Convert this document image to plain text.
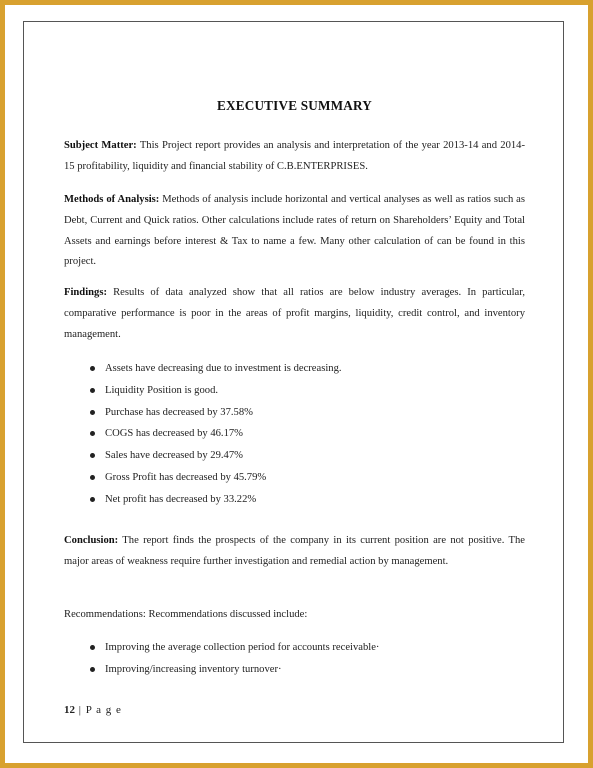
EXECUTIVE SUMMARY

Subject Matter: This Project report provides an analysis and interpretation of the year 2013-14 and 2014-15 profitability, liquidity and financial stability of C.B.ENTERPRISES.

Methods of Analysis: Methods of analysis include horizontal and vertical analyses as well as ratios such as Debt, Current and Quick ratios. Other calculations include rates of return on Shareholders’ Equity and Total Assets and earnings before interest & Tax to name a few. Many other calculation of can be found in this project.

Findings: Results of data analyzed show that all ratios are below industry averages. In particular, comparative performance is poor in the areas of profit margins, liquidity, credit control, and inventory management.

Assets have decreasing due to investment is decreasing.
Liquidity Position is good.
Purchase has decreased by 37.58%
COGS has decreased by 46.17%
Sales have decreased by 29.47%
Gross Profit has decreased by 45.79%
Net profit has decreased by 33.22%

Conclusion: The report finds the prospects of the company in its current position are not positive. The major areas of weakness require further investigation and remedial action by management.

Recommendations: Recommendations discussed include:

Improving the average collection period for accounts receivable·
Improving/increasing inventory turnover·
12 | P a g e
